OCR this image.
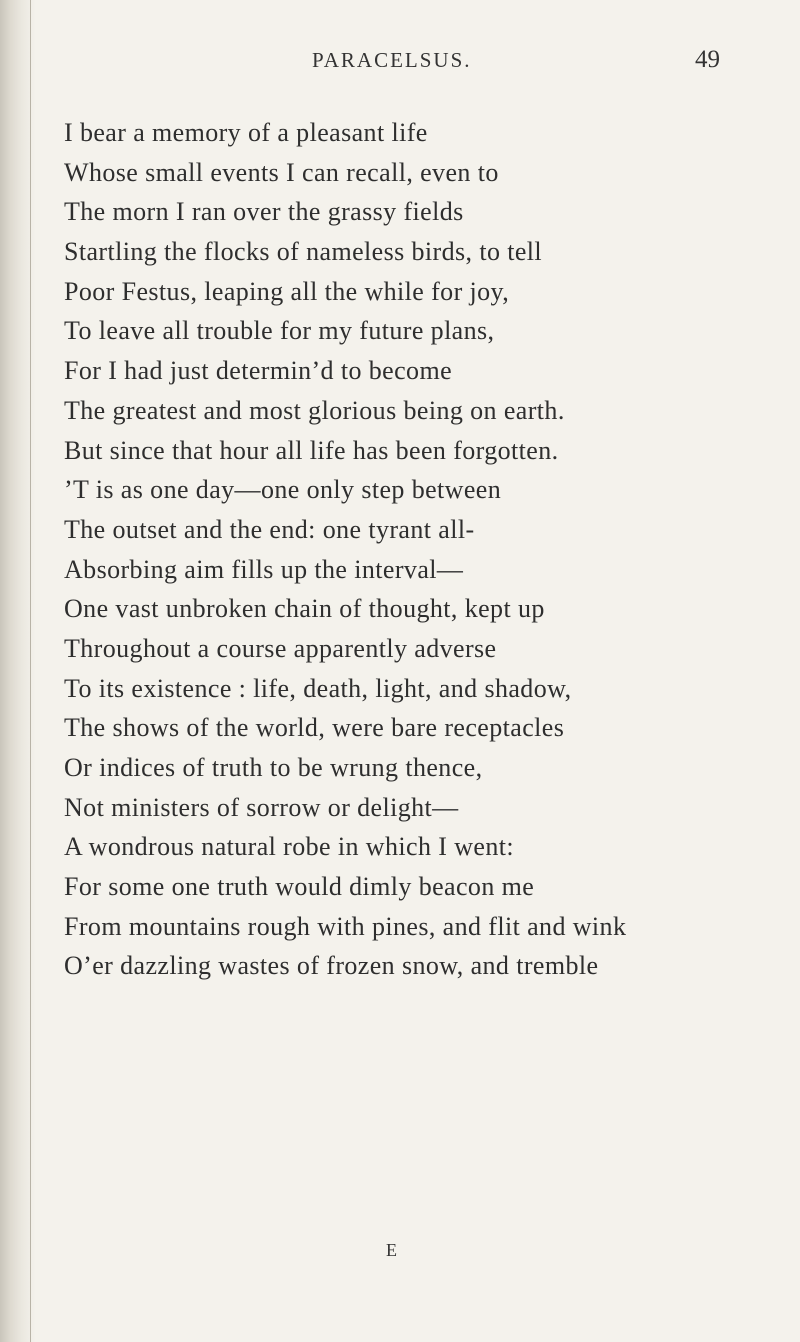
PARACELSUS.	49
I bear a memory of a pleasant life
Whose small events I can recall, even to
The morn I ran over the grassy fields
Startling the flocks of nameless birds, to tell
Poor Festus, leaping all the while for joy,
To leave all trouble for my future plans,
For I had just determin’d to become
The greatest and most glorious being on earth.
But since that hour all life has been forgotten.
’T is as one day—one only step between
The outset and the end: one tyrant all-
Absorbing aim fills up the interval—
One vast unbroken chain of thought, kept up
Throughout a course apparently adverse
To its existence : life, death, light, and shadow,
The shows of the world, were bare receptacles
Or indices of truth to be wrung thence,
Not ministers of sorrow or delight—
A wondrous natural robe in which I went:
For some one truth would dimly beacon me
From mountains rough with pines, and flit and wink
O’er dazzling wastes of frozen snow, and tremble
E
